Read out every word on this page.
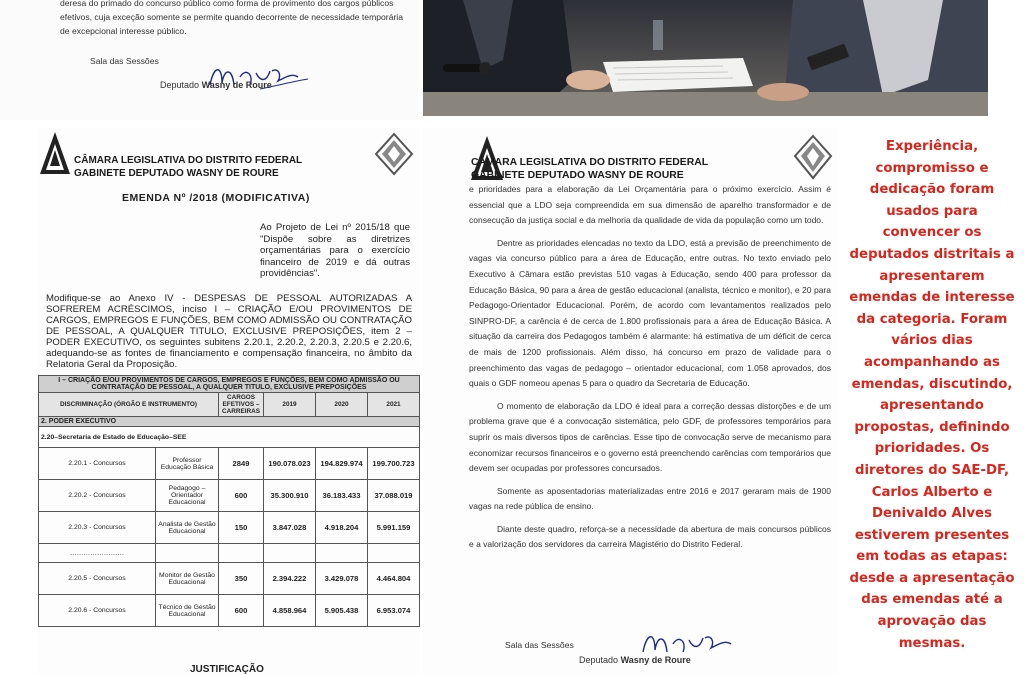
deresa do primado do concurso público como forma de provimento dos cargos públicos efetivos, cuja exceção somente se permite quando decorrente de necessidade temporária de excepcional interesse público.
Sala das Sessões
Deputado Wasny de Roure
CÂMARA LEGISLATIVA DO DISTRITO FEDERAL
GABINETE DEPUTADO WASNY DE ROURE
EMENDA Nº /2018 (MODIFICATIVA)
Ao Projeto de Lei nº 2015/18 que "Dispõe sobre as diretrizes orçamentárias para o exercício financeiro de 2019 e dá outras providências".
Modifique-se ao Anexo IV - DESPESAS DE PESSOAL AUTORIZADAS A SOFREREM ACRÉSCIMOS, inciso I – CRIAÇÃO E/OU PROVIMENTOS DE CARGOS, EMPREGOS E FUNÇÕES, BEM COMO ADMISSÃO OU CONTRATAÇÃO DE PESSOAL, A QUALQUER TITULO, EXCLUSIVE PREPOSIÇÕES, item 2 – PODER EXECUTIVO, os seguintes subitens 2.20.1, 2.20.2, 2.20.3, 2.20.5 e 2.20.6, adequando-se as fontes de financiamento e compensação financeira, no âmbito da Relatoria Geral da Proposição.
I – CRIAÇÃO E/OU PROVIMENTOS DE CARGOS, EMPREGOS E FUNÇÕES, BEM COMO ADMISSÃO OU CONTRATAÇÃO DE PESSOAL, A QUALQUER TITULO, EXCLUSIVE PREPOSIÇÕES					
DISCRIMINAÇÃO (ÓRGÃO E INSTRUMENTO)		CARGOS EFETIVOS – CARREIRAS	2019	2020	2021
2. PODER EXECUTIVO					
2.20–Secretaria de Estado de Educação–SEE					
2.20.1 - Concursos	Professor Educação Básica	2849	190.078.023	194.829.974	199.700.723
2.20.2 - Concursos	Pedagogo – Orientador Educacional	600	35.300.910	36.183.433	37.088.019
2.20.3 - Concursos	Analista de Gestão Educacional	150	3.847.028	4.918.204	5.991.159
……………………					
2.20.5 - Concursos	Monitor de Gestão Educacional	350	2.394.222	3.429.078	4.464.804
2.20.6 - Concursos	Técnico de Gestão Educacional	600	4.858.964	5.905.438	6.953.074
JUSTIFICAÇÃO
CÂMARA LEGISLATIVA DO DISTRITO FEDERAL
GABINETE DEPUTADO WASNY DE ROURE

e prioridades para a elaboração da Lei Orçamentária para o próximo exercício. Assim é essencial que a LDO seja compreendida em sua dimensão de aparelho transformador e de consecução da justiça social e da melhoria da qualidade de vida da população como um todo.

Dentre as prioridades elencadas no texto da LDO, está a previsão de preenchimento de vagas via concurso público para a área de Educação, entre outras. No texto enviado pelo Executivo à Câmara estão previstas 510 vagas à Educação, sendo 400 para professor da Educação Básica, 90 para a área de gestão educacional (analista, técnico e monitor), e 20 para Pedagogo-Orientador Educacional. Porém, de acordo com levantamentos realizados pelo SINPRO-DF, a carência é de cerca de 1.800 profissionais para a área de Educação Básica. A situação da carreira dos Pedagogos também é alarmante: há estimativa de um déficit de cerca de mais de 1200 profissionais. Além disso, há concurso em prazo de validade para o preenchimento das vagas de pedagogo – orientador educacional, com 1.058 aprovados, dos quais o GDF nomeou apenas 5 para o quadro da Secretaria de Educação.

O momento de elaboração da LDO é ideal para a correção dessas distorções e de um problema grave que é a convocação sistemática, pelo GDF, de professores temporários para suprir os mais diversos tipos de carências. Esse tipo de convocação serve de mecanismo para economizar recursos financeiros e o governo está preenchendo carências com temporários que devem ser ocupadas por professores concursados.

Somente as aposentadorias materializadas entre 2016 e 2017 geraram mais de 1900 vagas na rede pública de ensino.

Diante deste quadro, reforça-se a necessidade da abertura de mais concursos públicos e a valorização dos servidores da carreira Magistério do Distrito Federal.

Sala das Sessões
Deputado Wasny de Roure
Experiência, compromisso e dedicação foram usados para convencer os deputados distritais a apresentarem emendas de interesse da categoria. Foram vários dias acompanhando as emendas, discutindo, apresentando propostas, definindo prioridades. Os diretores do SAE-DF, Carlos Alberto e Denivaldo Alves estiverem presentes em todas as etapas: desde a apresentação das emendas até a aprovação das mesmas.
